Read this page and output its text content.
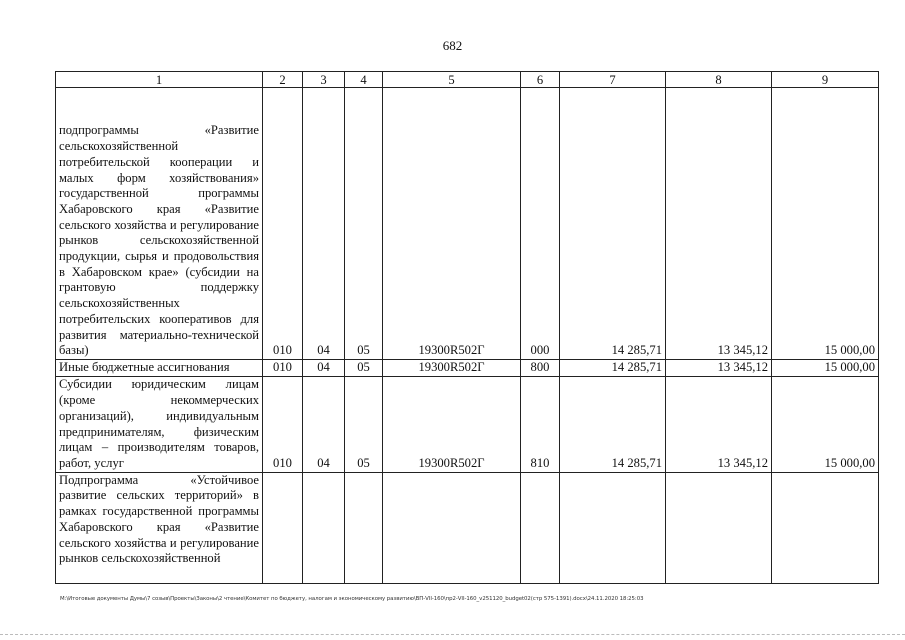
682
1	2	3	4	5	6	7	8	9
подпрограммы «Развитие сельскохозяйственной потребительской кооперации и малых форм хозяйствования» государственной программы Хабаровского края «Развитие сельского хозяйства и регулирование рынков сельскохозяйственной продукции, сырья и продовольствия в Хабаровском крае» (субсидии на грантовую поддержку сельскохозяйственных потребительских кооперативов для развития материально-технической базы)	010	04	05	19300R502Г	000	14 285,71	13 345,12	15 000,00
Иные бюджетные ассигнования	010	04	05	19300R502Г	800	14 285,71	13 345,12	15 000,00
Субсидии юридическим лицам (кроме некоммерческих организаций), индивидуальным предпринимателям, физическим лицам – производителям товаров, работ, услуг	010	04	05	19300R502Г	810	14 285,71	13 345,12	15 000,00
Подпрограмма «Устойчивое развитие сельских территорий» в рамках государственной программы Хабаровского края «Развитие сельского хозяйства и регулирование рынков сельскохозяйственной								
M:\Итоговые документы Думы\7 созыв\Проекты\Законы\2 чтение\Комитет по бюджету, налогам и экономическому развитию\ВП-VII-160\пр2-VII-160_v251120_budget02(стр 575-1391).docx\24.11.2020 18:25:03
